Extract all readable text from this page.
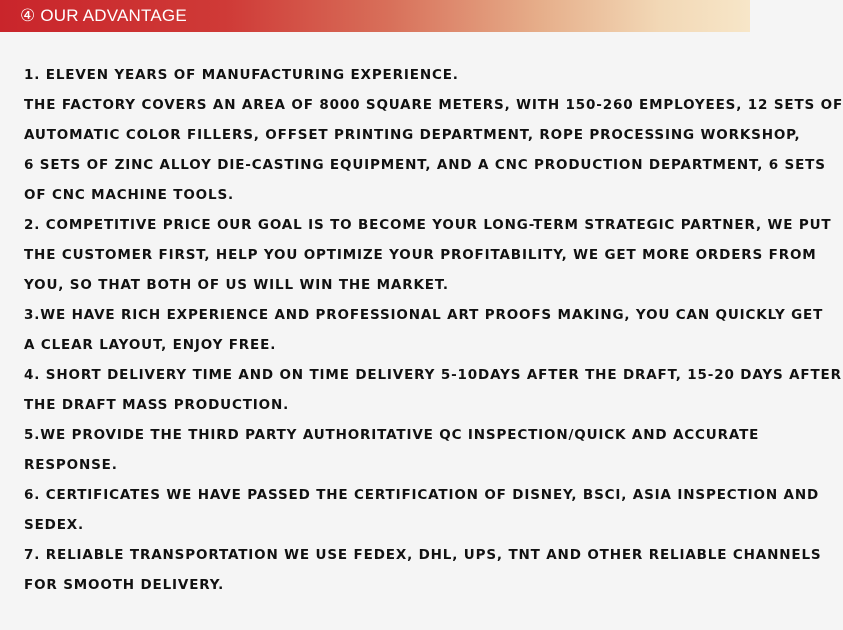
④ OUR ADVANTAGE
1. ELEVEN YEARS OF MANUFACTURING EXPERIENCE.
THE FACTORY COVERS AN AREA OF 8000 SQUARE METERS, WITH 150-260 EMPLOYEES, 12 SETS OF
AUTOMATIC COLOR FILLERS, OFFSET PRINTING DEPARTMENT, ROPE PROCESSING WORKSHOP,
6 SETS OF ZINC ALLOY DIE-CASTING EQUIPMENT, AND A CNC PRODUCTION DEPARTMENT, 6 SETS
OF CNC MACHINE TOOLS.
2. COMPETITIVE PRICE OUR GOAL IS TO BECOME YOUR LONG-TERM STRATEGIC PARTNER, WE PUT
THE CUSTOMER FIRST, HELP YOU OPTIMIZE YOUR PROFITABILITY, WE GET MORE ORDERS FROM
YOU, SO THAT BOTH OF US WILL WIN THE MARKET.
3.WE HAVE RICH EXPERIENCE AND PROFESSIONAL ART PROOFS MAKING, YOU CAN QUICKLY GET
A CLEAR LAYOUT, ENJOY FREE.
4. SHORT DELIVERY TIME AND ON TIME DELIVERY 5-10DAYS AFTER THE DRAFT, 15-20 DAYS AFTER
THE DRAFT MASS PRODUCTION.
5.WE PROVIDE THE THIRD PARTY AUTHORITATIVE QC INSPECTION/QUICK AND ACCURATE
RESPONSE.
6. CERTIFICATES WE HAVE PASSED THE CERTIFICATION OF DISNEY, BSCI, ASIA INSPECTION AND
SEDEX.
7. RELIABLE TRANSPORTATION WE USE FEDEX, DHL, UPS, TNT AND OTHER RELIABLE CHANNELS
FOR SMOOTH DELIVERY.
